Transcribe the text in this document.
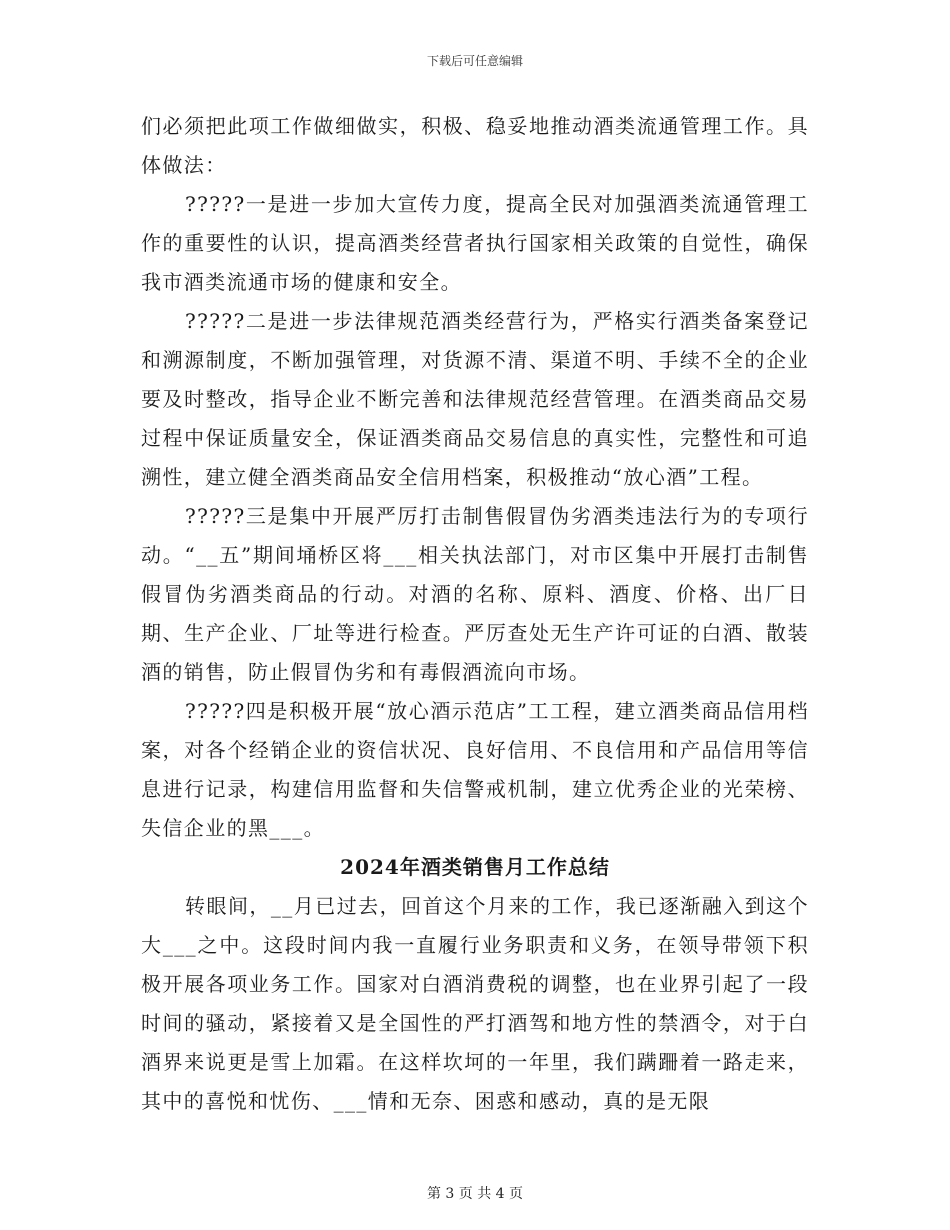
下载后可任意编辑

们必须把此项工作做细做实，积极、稳妥地推动酒类流通管理工作。具体做法：

?????一是进一步加大宣传力度，提高全民对加强酒类流通管理工作的重要性的认识，提高酒类经营者执行国家相关政策的自觉性，确保我市酒类流通市场的健康和安全。

?????二是进一步法律规范酒类经营行为，严格实行酒类备案登记和溯源制度，不断加强管理，对货源不清、渠道不明、手续不全的企业要及时整改，指导企业不断完善和法律规范经营管理。在酒类商品交易过程中保证质量安全，保证酒类商品交易信息的真实性，完整性和可追溯性，建立健全酒类商品安全信用档案，积极推动“放心酒”工程。

?????三是集中开展严厉打击制售假冒伪劣酒类违法行为的专项行动。“__五”期间埇桥区将___相关执法部门，对市区集中开展打击制售假冒伪劣酒类商品的行动。对酒的名称、原料、酒度、价格、出厂日期、生产企业、厂址等进行检查。严厉查处无生产许可证的白酒、散装酒的销售，防止假冒伪劣和有毒假酒流向市场。

?????四是积极开展“放心酒示范店”工工程，建立酒类商品信用档案，对各个经销企业的资信状况、良好信用、不良信用和产品信用等信息进行记录，构建信用监督和失信警戒机制，建立优秀企业的光荣榜、失信企业的黑___。

2024年酒类销售月工作总结

转眼间，__月已过去，回首这个月来的工作，我已逐渐融入到这个大___之中。这段时间内我一直履行业务职责和义务，在领导带领下积极开展各项业务工作。国家对白酒消费税的调整，也在业界引起了一段时间的骚动，紧接着又是全国性的严打酒驾和地方性的禁酒令，对于白酒界来说更是雪上加霜。在这样坎坷的一年里，我们蹒跚着一路走来，其中的喜悦和忧伤、___情和无奈、困惑和感动，真的是无限

第 3 页 共 4 页
